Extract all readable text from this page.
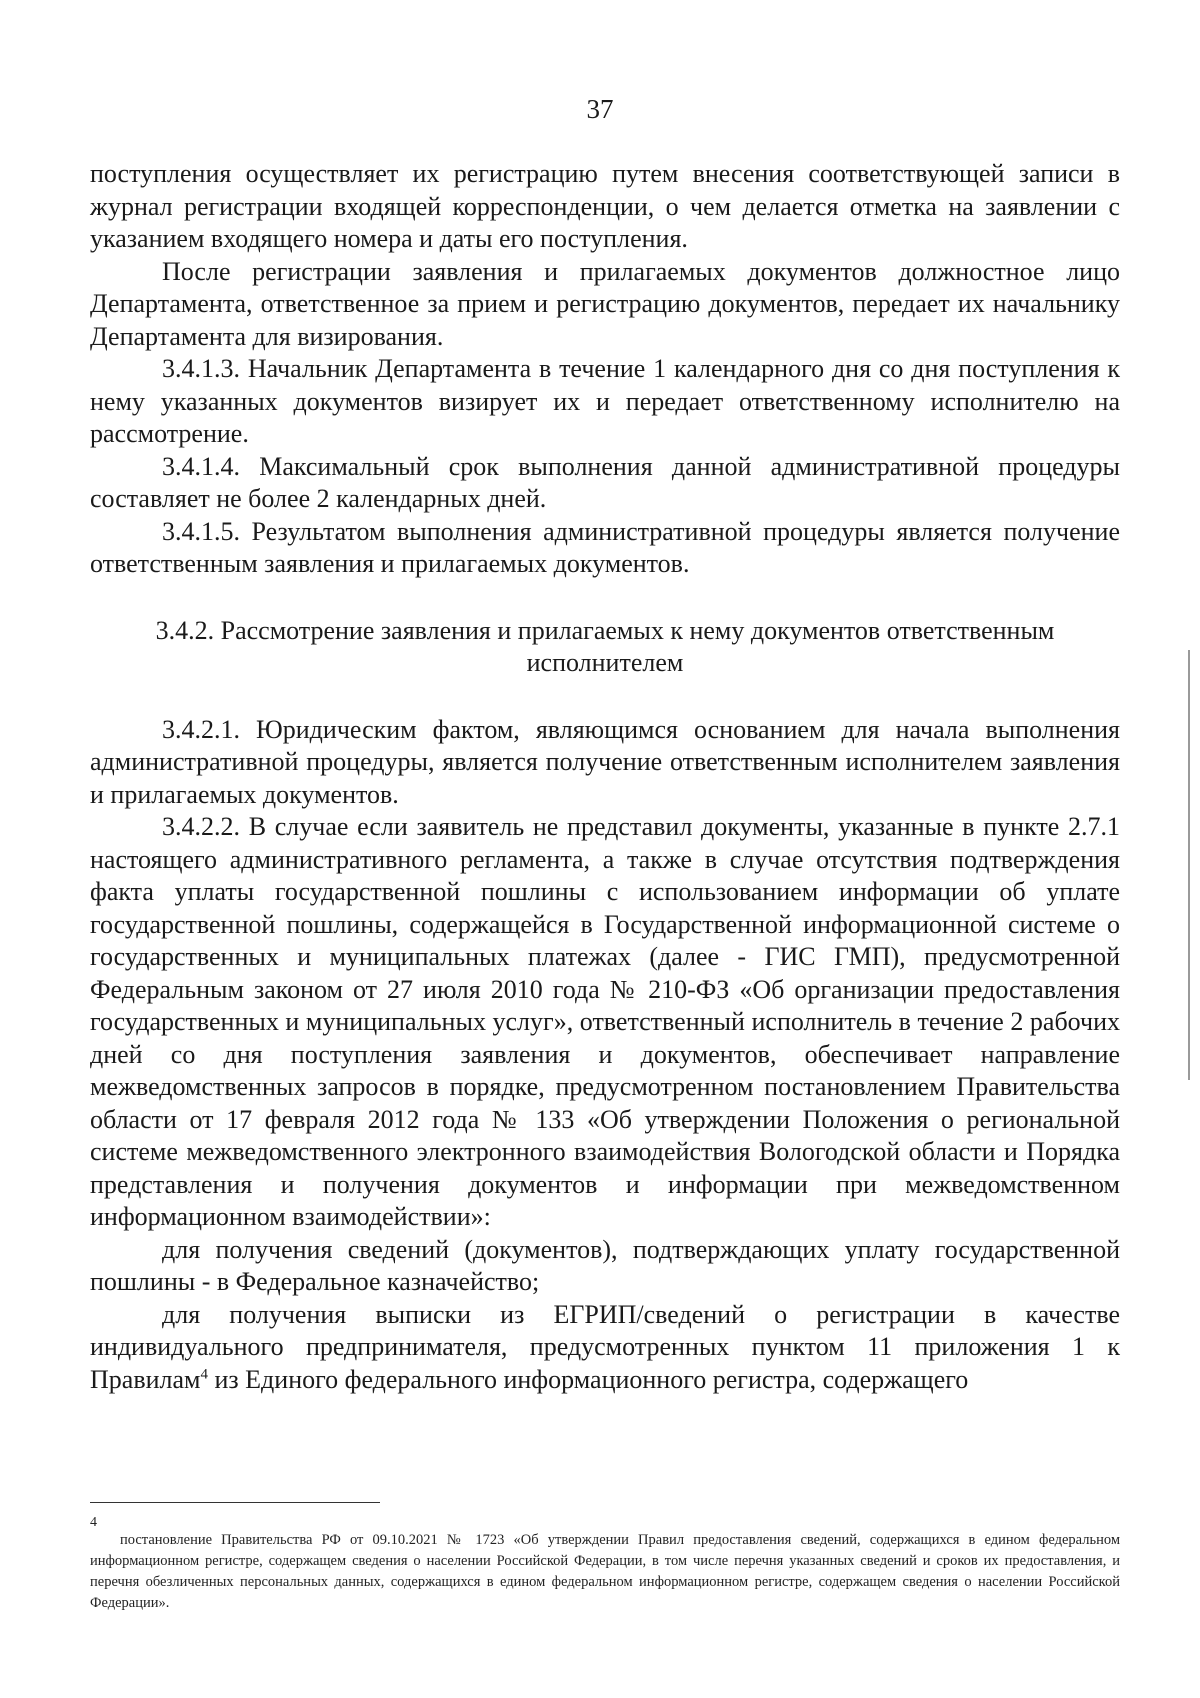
37

поступления осуществляет их регистрацию путем внесения соответствующей записи в журнал регистрации входящей корреспонденции, о чем делается отметка на заявлении с указанием входящего номера и даты его поступления.

После регистрации заявления и прилагаемых документов должностное лицо Департамента, ответственное за прием и регистрацию документов, передает их начальнику Департамента для визирования.

3.4.1.3. Начальник Департамента в течение 1 календарного дня со дня поступления к нему указанных документов визирует их и передает ответственному исполнителю на рассмотрение.

3.4.1.4. Максимальный срок выполнения данной административной процедуры составляет не более 2 календарных дней.

3.4.1.5. Результатом выполнения административной процедуры является получение ответственным заявления и прилагаемых документов.

3.4.2. Рассмотрение заявления и прилагаемых к нему документов ответственным исполнителем

3.4.2.1. Юридическим фактом, являющимся основанием для начала выполнения административной процедуры, является получение ответственным исполнителем заявления и прилагаемых документов.

3.4.2.2. В случае если заявитель не представил документы, указанные в пункте 2.7.1 настоящего административного регламента, а также в случае отсутствия подтверждения факта уплаты государственной пошлины с использованием информации об уплате государственной пошлины, содержащейся в Государственной информационной системе о государственных и муниципальных платежах (далее - ГИС ГМП), предусмотренной Федеральным законом от 27 июля 2010 года № 210-ФЗ «Об организации предоставления государственных и муниципальных услуг», ответственный исполнитель в течение 2 рабочих дней со дня поступления заявления и документов, обеспечивает направление межведомственных запросов в порядке, предусмотренном постановлением Правительства области от 17 февраля 2012 года № 133 «Об утверждении Положения о региональной системе межведомственного электронного взаимодействия Вологодской области и Порядка представления и получения документов и информации при межведомственном информационном взаимодействии»:

для получения сведений (документов), подтверждающих уплату государственной пошлины - в Федеральное казначейство;

для получения выписки из ЕГРИП/сведений о регистрации в качестве индивидуального предпринимателя, предусмотренных пунктом 11 приложения 1 к Правилам$^4$ из Единого федерального информационного регистра, содержащего

4
постановление Правительства РФ от 09.10.2021 № 1723 «Об утверждении Правил предоставления сведений, содержащихся в едином федеральном информационном регистре, содержащем сведения о населении Российской Федерации, в том числе перечня указанных сведений и сроков их предоставления, и перечня обезличенных персональных данных, содержащихся в едином федеральном информационном регистре, содержащем сведения о населении Российской Федерации».
